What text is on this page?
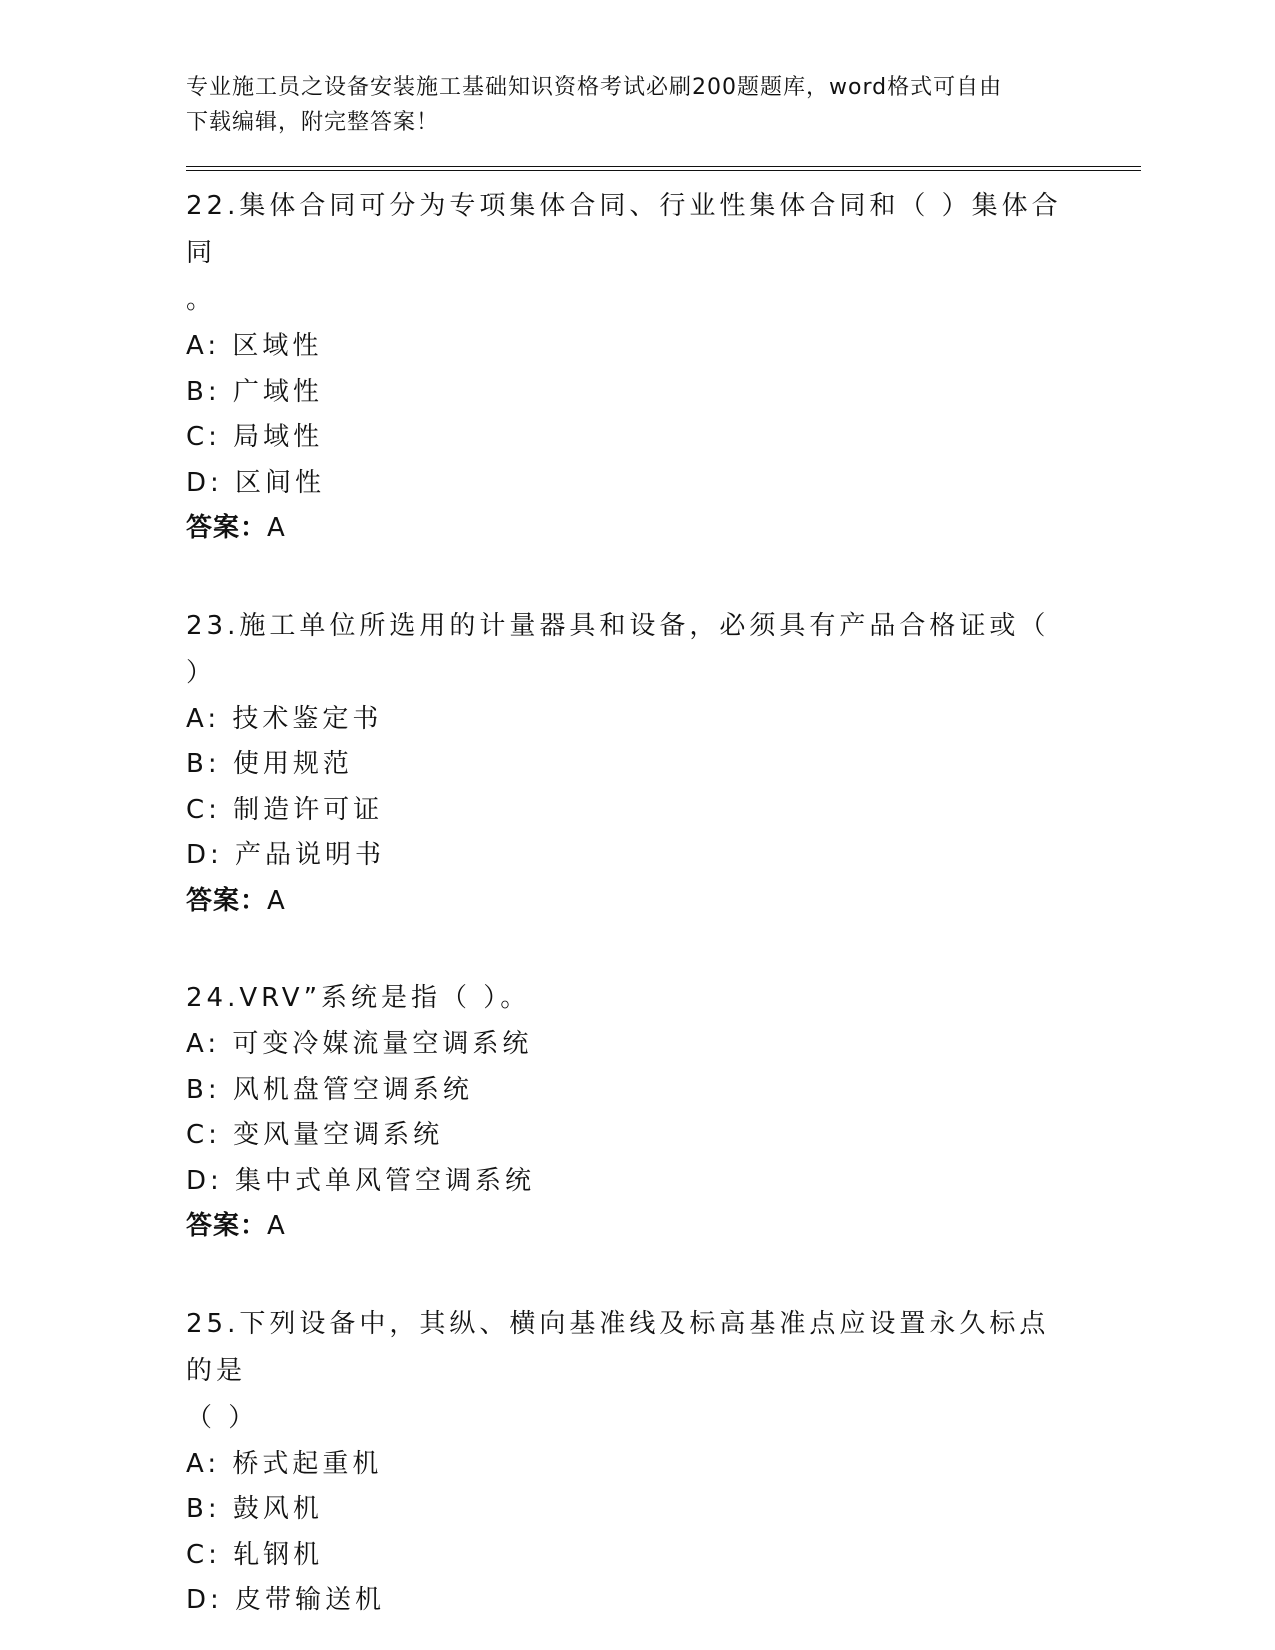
专业施工员之设备安装施工基础知识资格考试必刷200题题库，word格式可自由
下载编辑，附完整答案！
22.集体合同可分为专项集体合同、行业性集体合同和（ ）集体合同
。
A: 区域性
B: 广域性
C: 局域性
D: 区间性
答案：A
23.施工单位所选用的计量器具和设备，必须具有产品合格证或（ ）
A: 技术鉴定书
B: 使用规范
C: 制造许可证
D: 产品说明书
答案：A
24.VRV”系统是指（ ）。
A: 可变冷媒流量空调系统
B: 风机盘管空调系统
C: 变风量空调系统
D: 集中式单风管空调系统
答案：A
25.下列设备中，其纵、横向基准线及标高基准点应设置永久标点的是
（ ）
A: 桥式起重机
B: 鼓风机
C: 轧钢机
D: 皮带输送机
